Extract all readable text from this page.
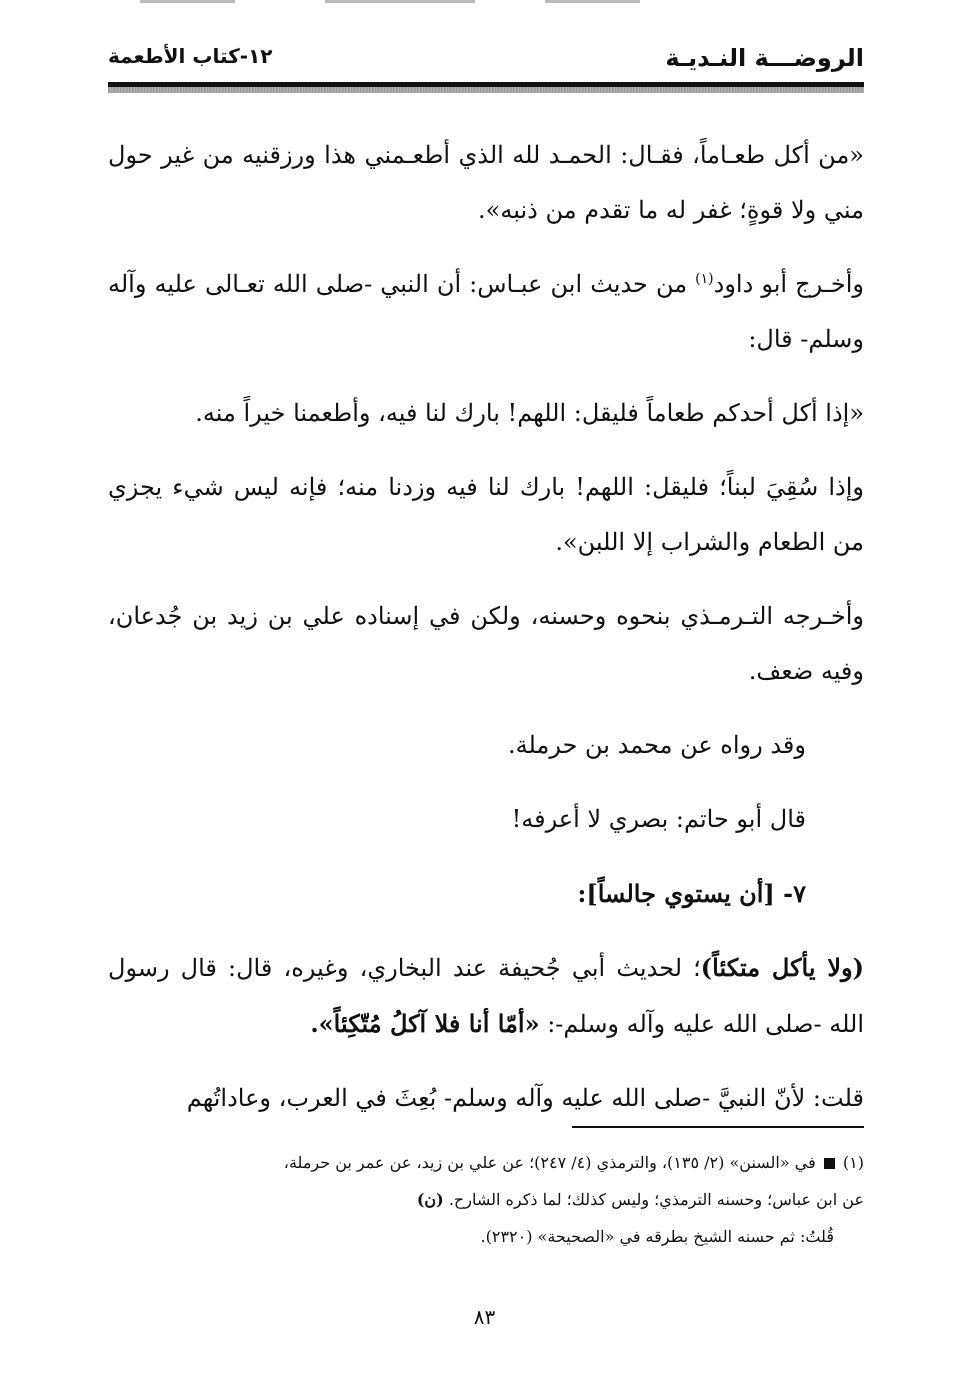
الروضـــة النـديـة
١٢-كتاب الأطعمة

«من أكل طعـاماً، فقـال: الحمـد لله الذي أطعـمني هذا ورزقنيه من غير حول مني ولا قوةٍ؛ غفر له ما تقدم من ذنبه».

وأخـرج أبو داود$^{(١)}$ من حديث ابن عبـاس: أن النبي -صلى الله تعـالى عليه وآله وسلم- قال:

«إذا أكل أحدكم طعاماً فليقل: اللهم! بارك لنا فيه، وأطعمنا خيراً منه.

وإذا سُقِيَ لبناً؛ فليقل: اللهم! بارك لنا فيه وزدنا منه؛ فإنه ليس شيء يجزي من الطعام والشراب إلا اللبن».

وأخـرجه التـرمـذي بنحوه وحسنه، ولكن في إسناده علي بن زيد بن جُدعان، وفيه ضعف.

وقد رواه عن محمد بن حرملة.

قال أبو حاتم: بصري لا أعرفه!

٧- [أن يستوي جالساً]:

(ولا يأكل متكئاً)؛ لحديث أبي جُحيفة عند البخاري، وغيره، قال: قال رسول الله -صلى الله عليه وآله وسلم-: «أمّا أنا فلا آكلُ مُتّكِئاً».

قلت: لأنّ النبيَّ -صلى الله عليه وآله وسلم- بُعِثَ في العرب، وعاداتُهم

(١)  في «السنن» (٢/ ١٣٥)، والترمذي (٤/ ٢٤٧)؛ عن علي بن زيد، عن عمر بن حرملة،

عن ابن عباس؛ وحسنه الترمذي؛ وليس كذلك؛ لما ذكره الشارح. (ن)

قُلتُ: ثم حسنه الشيخ بطرقه في «الصحيحة» (٢٣٢٠).

٨٣
